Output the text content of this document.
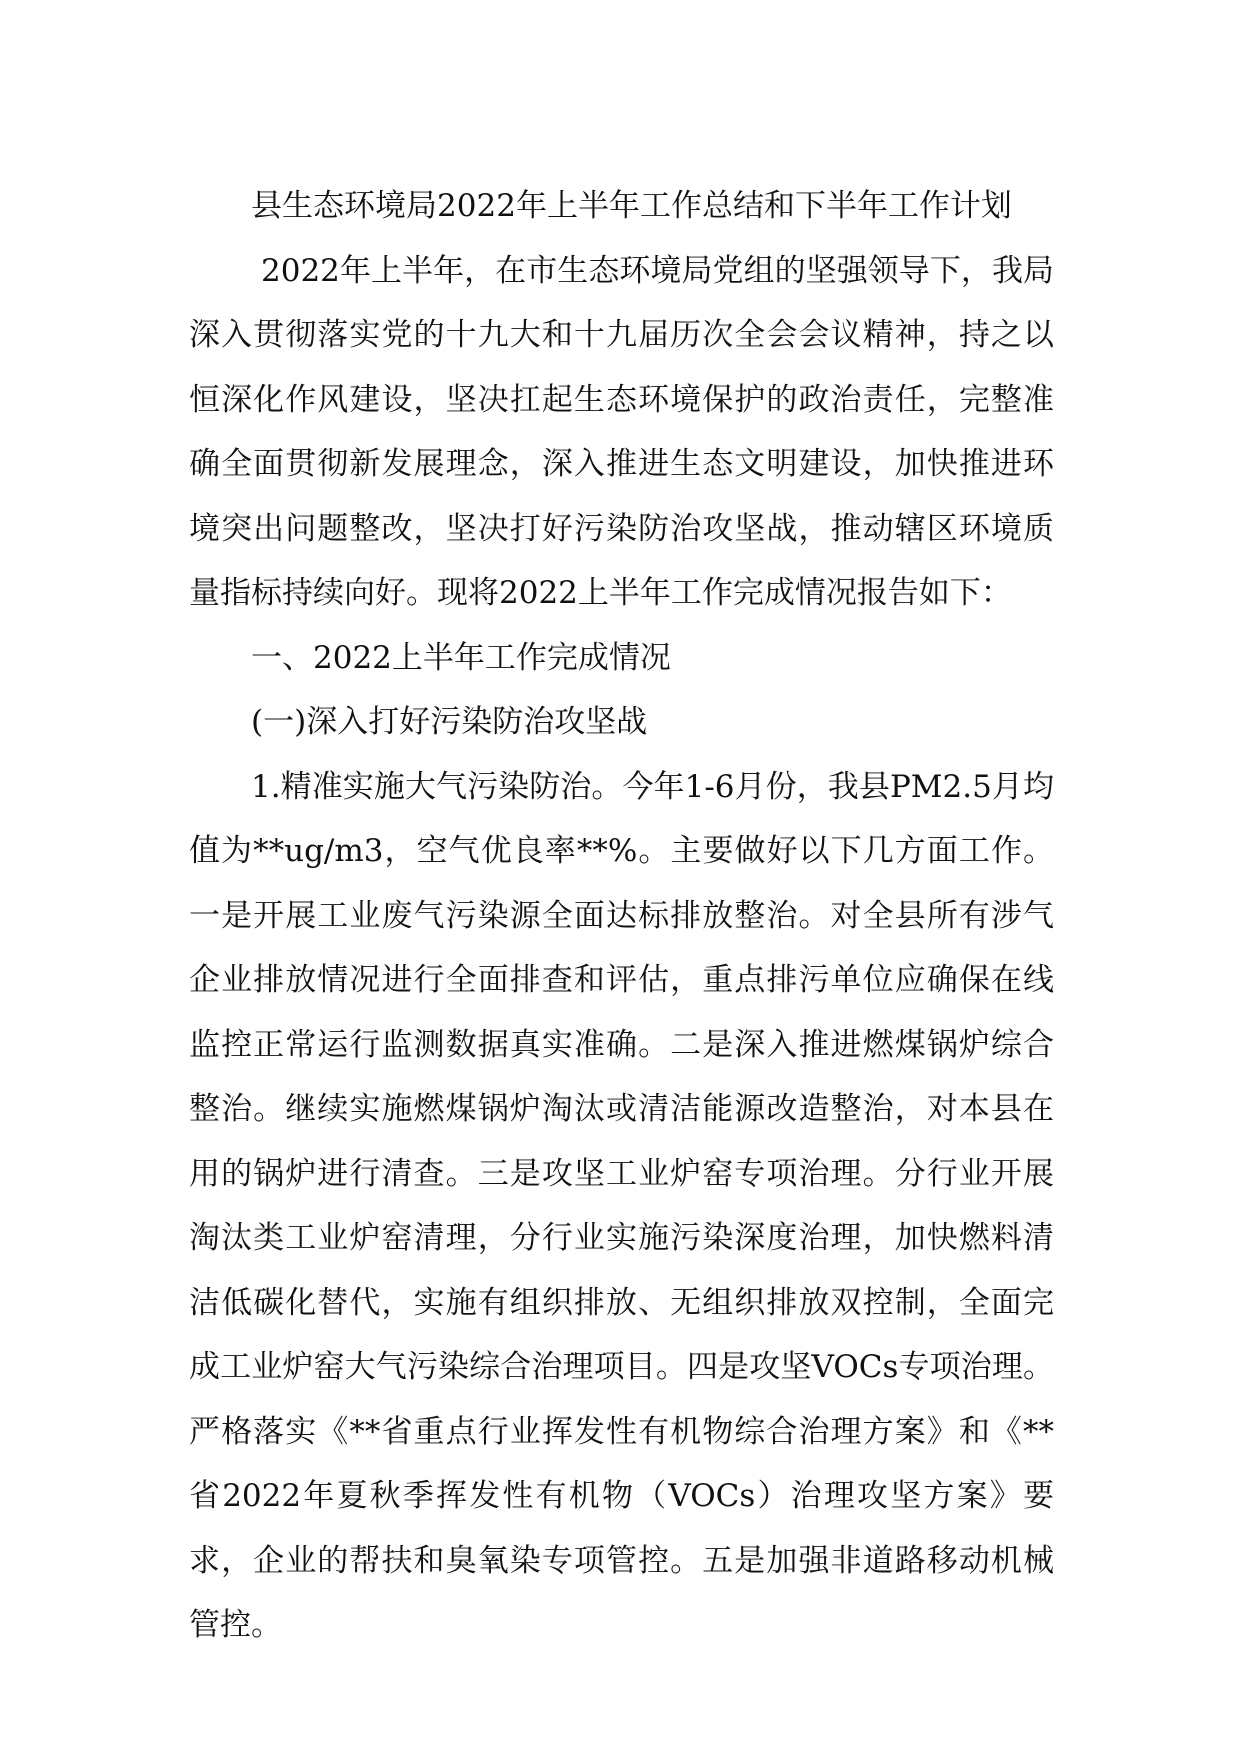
县生态环境局2022年上半年工作总结和下半年工作计划

2022年上半年，在市生态环境局党组的坚强领导下，我局深入贯彻落实党的十九大和十九届历次全会会议精神，持之以恒深化作风建设，坚决扛起生态环境保护的政治责任，完整准确全面贯彻新发展理念，深入推进生态文明建设，加快推进环境突出问题整改，坚决打好污染防治攻坚战，推动辖区环境质量指标持续向好。现将2022上半年工作完成情况报告如下：

一、2022上半年工作完成情况

(一)深入打好污染防治攻坚战

1.精准实施大气污染防治。今年1-6月份，我县PM2.5月均值为**ug/m3，空气优良率**%。主要做好以下几方面工作。一是开展工业废气污染源全面达标排放整治。对全县所有涉气企业排放情况进行全面排查和评估，重点排污单位应确保在线监控正常运行监测数据真实准确。二是深入推进燃煤锅炉综合整治。继续实施燃煤锅炉淘汰或清洁能源改造整治，对本县在用的锅炉进行清查。三是攻坚工业炉窑专项治理。分行业开展淘汰类工业炉窑清理，分行业实施污染深度治理，加快燃料清洁低碳化替代，实施有组织排放、无组织排放双控制，全面完成工业炉窑大气污染综合治理项目。四是攻坚VOCs专项治理。严格落实《**省重点行业挥发性有机物综合治理方案》和《**省2022年夏秋季挥发性有机物（VOCs）治理攻坚方案》要求，企业的帮扶和臭氧染专项管控。五是加强非道路移动机械管控。
